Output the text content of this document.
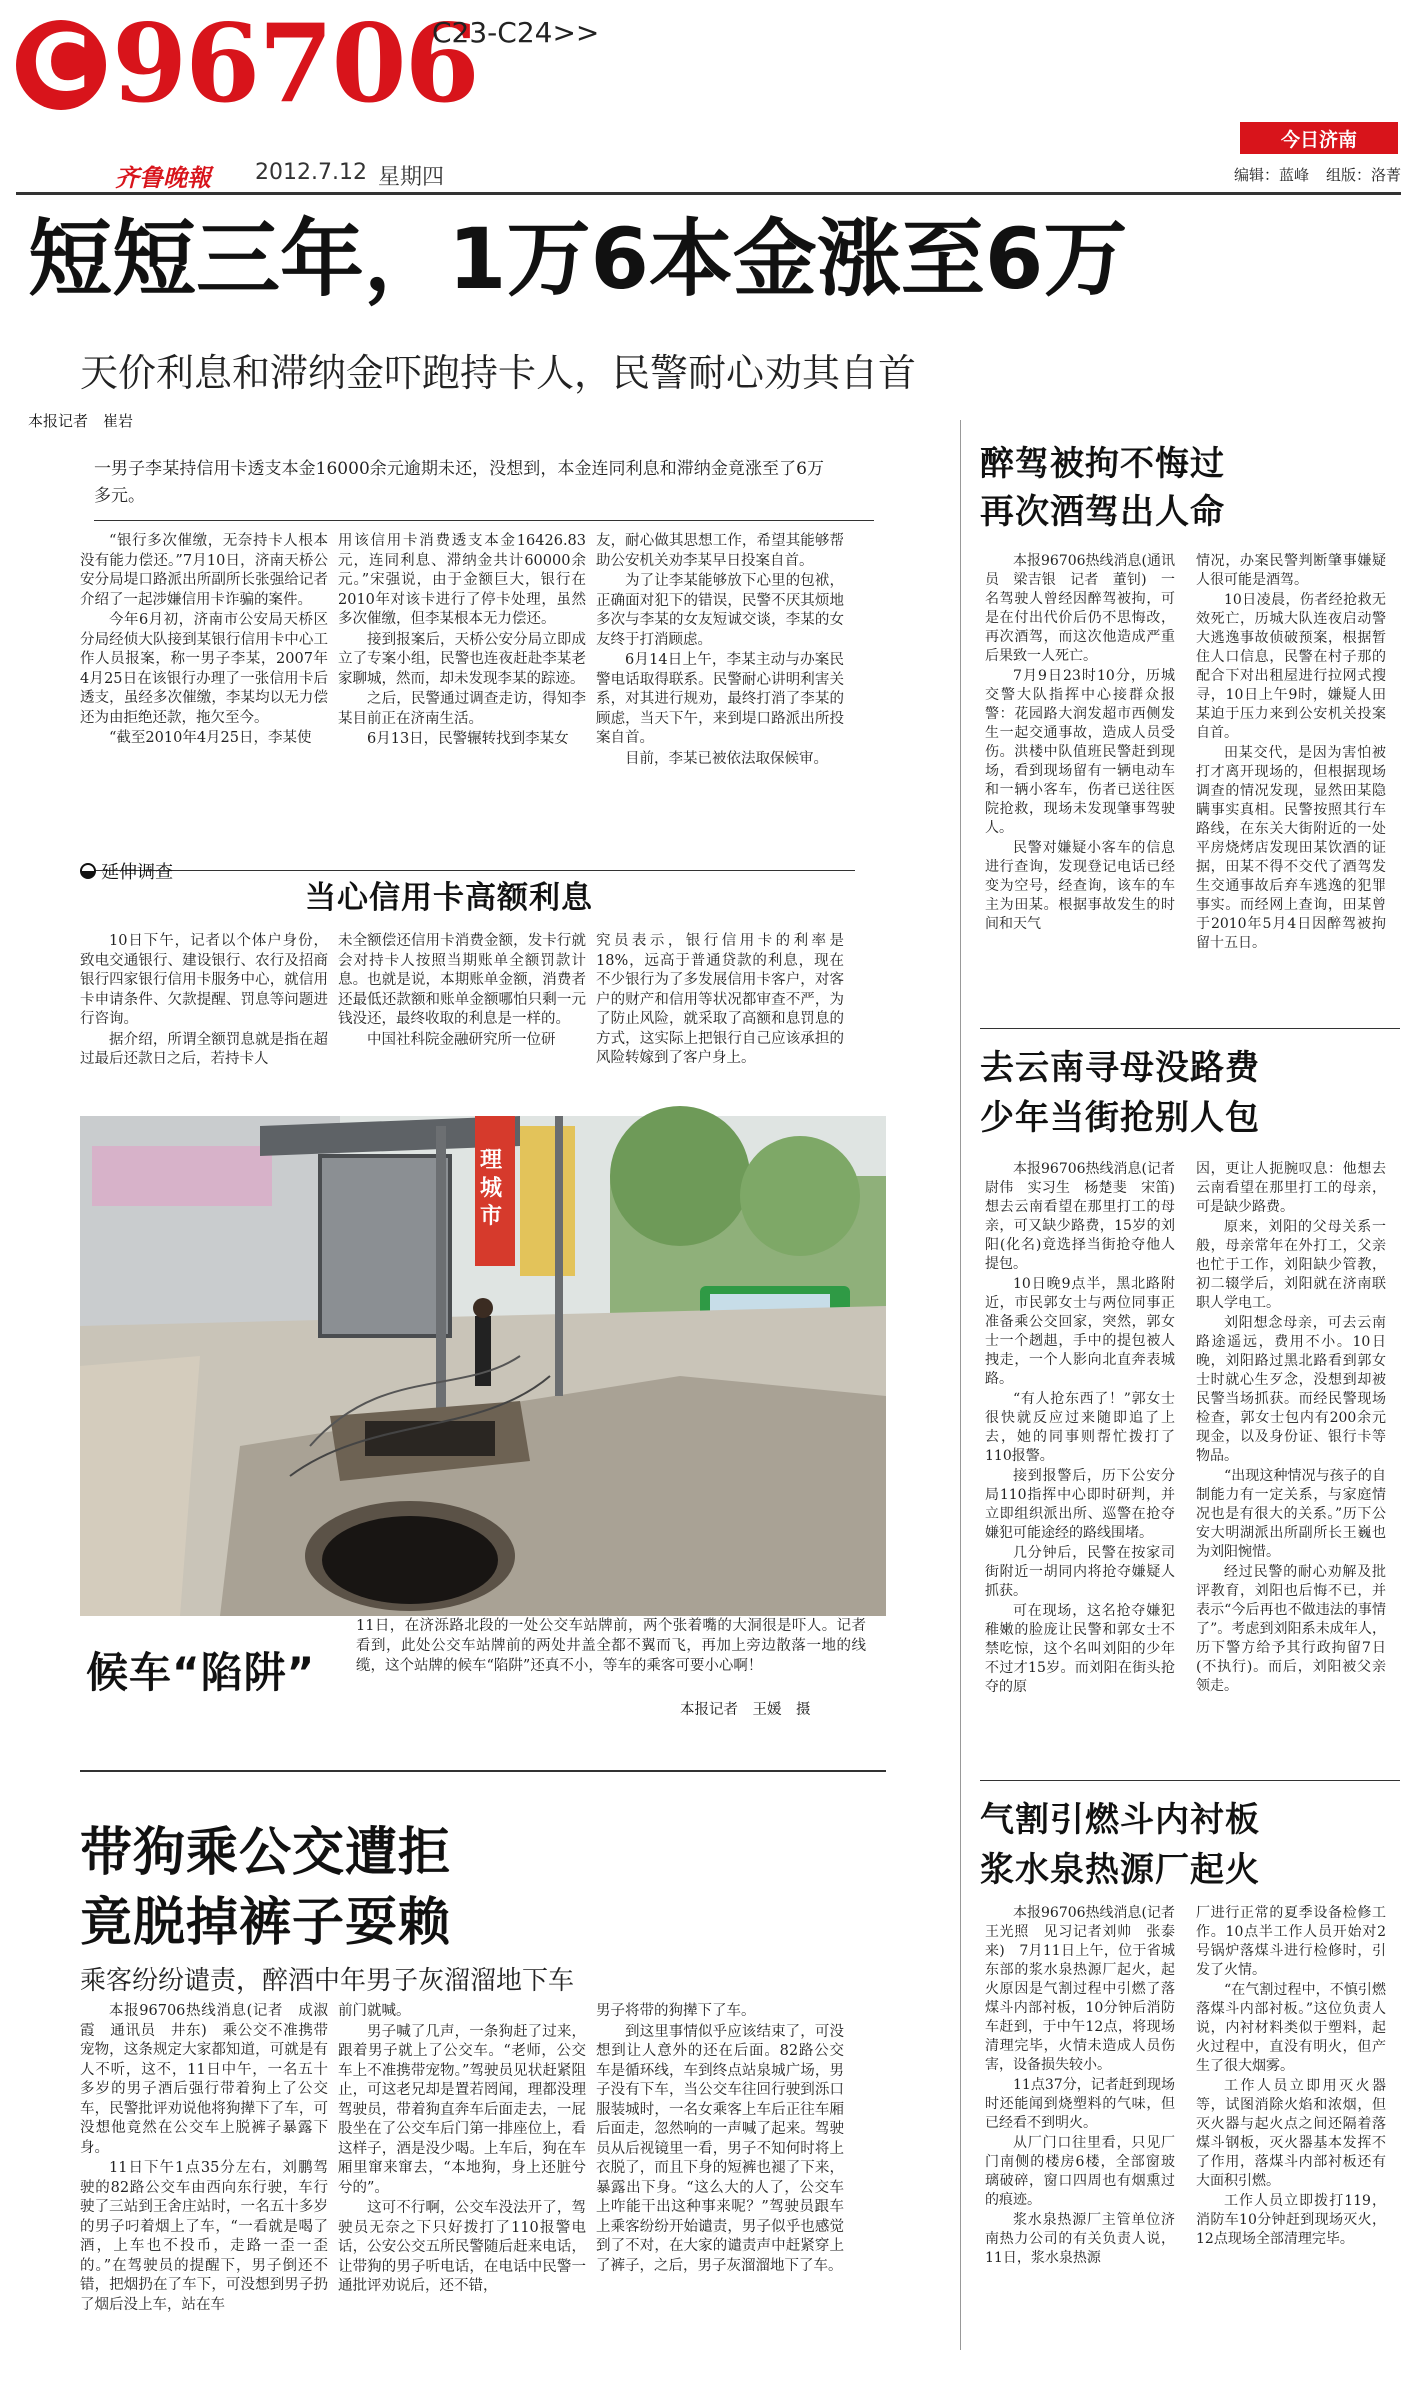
C 96706
C23-C24>>
齐鲁晚報 2012.7.12 星期四
今日济南
编辑：蓝峰 组版：洛菁
短短三年，1万6本金涨至6万
天价利息和滞纳金吓跑持卡人，民警耐心劝其自首
本报记者　崔岩
一男子李某持信用卡透支本金16000余元逾期未还，没想到，本金连同利息和滞纳金竟涨至了6万多元。

“银行多次催缴，无奈持卡人根本没有能力偿还。”7月10日，济南天桥公安分局堤口路派出所副所长张强给记者介绍了一起涉嫌信用卡诈骗的案件。

今年6月初，济南市公安局天桥区分局经侦大队接到某银行信用卡中心工作人员报案，称一男子李某，2007年4月25日在该银行办理了一张信用卡后透支，虽经多次催缴，李某均以无力偿还为由拒绝还款，拖欠至今。

“截至2010年4月25日，李某使

用该信用卡消费透支本金16426.83元，连同利息、滞纳金共计60000余元。”宋强说，由于金额巨大，银行在2010年对该卡进行了停卡处理，虽然多次催缴，但李某根本无力偿还。

接到报案后，天桥公安分局立即成立了专案小组，民警也连夜赶赴李某老家聊城，然而，却未发现李某的踪迹。

之后，民警通过调查走访，得知李某目前正在济南生活。

6月13日，民警辗转找到李某女

友，耐心做其思想工作，希望其能够帮助公安机关劝李某早日投案自首。

为了让李某能够放下心里的包袱，正确面对犯下的错误，民警不厌其烦地多次与李某的女友短诚交谈，李某的女友终于打消顾虑。

6月14日上午，李某主动与办案民警电话取得联系。民警耐心讲明利害关系，对其进行规劝，最终打消了李某的顾虑，当天下午，来到堤口路派出所投案自首。

目前，李某已被依法取保候审。

延伸调查
当心信用卡高额利息

10日下午，记者以个体户身份，致电交通银行、建设银行、农行及招商银行四家银行信用卡服务中心，就信用卡申请条件、欠款提醒、罚息等问题进行咨询。

据介绍，所谓全额罚息就是指在超过最后还款日之后，若持卡人

未全额偿还信用卡消费金额，发卡行就会对持卡人按照当期账单全额罚款计息。也就是说，本期账单金额，消费者还最低还款额和账单金额哪怕只剩一元钱没还，最终收取的利息是一样的。

中国社科院金融研究所一位研

究员表示，银行信用卡的利率是18%，远高于普通贷款的利息，现在不少银行为了多发展信用卡客户，对客户的财产和信用等状况都审查不严，为了防止风险，就采取了高额和息罚息的方式，这实际上把银行自己应该承担的风险转嫁到了客户身上。

理城市
候车“陷阱”
11日，在济泺路北段的一处公交车站牌前，两个张着嘴的大洞很是吓人。记者看到，此处公交车站牌前的两处井盖全都不翼而飞，再加上旁边散落一地的线缆，这个站牌的候车“陷阱”还真不小，等车的乘客可要小心啊！
本报记者　王媛　摄
带狗乘公交遭拒
竟脱掉裤子耍赖
乘客纷纷谴责，醉酒中年男子灰溜溜地下车

本报96706热线消息(记者　成淑霞　通讯员　井东)　乘公交不准携带宠物，这条规定大家都知道，可就是有人不听，这不，11日中午，一名五十多岁的男子酒后强行带着狗上了公交车，民警批评劝说他将狗撵下了车，可没想他竟然在公交车上脱裤子暴露下身。

11日下午1点35分左右，刘鹏驾驶的82路公交车由西向东行驶，车行驶了三站到王舍庄站时，一名五十多岁的男子叼着烟上了车，“一看就是喝了酒，上车也不投币，走路一歪一歪的。”在驾驶员的提醒下，男子倒还不错，把烟扔在了车下，可没想到男子扔了烟后没上车，站在车

前门就喊。

男子喊了几声，一条狗赶了过来，跟着男子就上了公交车。“老师，公交车上不准携带宠物。”驾驶员见状赶紧阻止，可这老兄却是置若罔闻，理都没理驾驶员，带着狗直奔车后面走去，一屁股坐在了公交车后门第一排座位上，看这样子，酒是没少喝。上车后，狗在车厢里窜来窜去，“本地狗，身上还脏兮兮的”。

这可不行啊，公交车没法开了，驾驶员无奈之下只好拨打了110报警电话，公安公交五所民警随后赶来电话，让带狗的男子听电话，在电话中民警一通批评劝说后，还不错，

男子将带的狗撵下了车。

到这里事情似乎应该结束了，可没想到让人意外的还在后面。82路公交车是循环线，车到终点站泉城广场，男子没有下车，当公交车往回行驶到泺口服装城时，一名女乘客上车后正往车厢后面走，忽然响的一声喊了起来。驾驶员从后视镜里一看，男子不知何时将上衣脱了，而且下身的短裤也褪了下来，暴露出下身。“这么大的人了，公交车上咋能干出这种事来呢？”驾驶员跟车上乘客纷纷开始谴责，男子似乎也感觉到了不对，在大家的谴责声中赶紧穿上了裤子，之后，男子灰溜溜地下了车。

醉驾被拘不悔过
再次酒驾出人命

本报96706热线消息(通讯员　梁吉银　记者　董钊)　一名驾驶人曾经因醉驾被拘，可是在付出代价后仍不思悔改，再次酒驾，而这次他造成严重后果致一人死亡。

7月9日23时10分，历城交警大队指挥中心接群众报警：花园路大润发超市西侧发生一起交通事故，造成人员受伤。洪楼中队值班民警赶到现场，看到现场留有一辆电动车和一辆小客车，伤者已送往医院抢救，现场未发现肇事驾驶人。

民警对嫌疑小客车的信息进行查询，发现登记电话已经变为空号，经查询，该车的车主为田某。根据事故发生的时间和天气

情况，办案民警判断肇事嫌疑人很可能是酒驾。

10日凌晨，伤者经抢救无效死亡，历城大队连夜启动警大逃逸事故侦破预案，根据暂住人口信息，民警在村子那的配合下对出租屋进行拉网式搜寻，10日上午9时，嫌疑人田某迫于压力来到公安机关投案自首。

田某交代，是因为害怕被打才离开现场的，但根据现场调查的情况发现，显然田某隐瞒事实真相。民警按照其行车路线，在东关大街附近的一处平房烧烤店发现田某饮酒的证据，田某不得不交代了酒驾发生交通事故后弃车逃逸的犯罪事实。而经网上查询，田某曾于2010年5月4日因醉驾被拘留十五日。

去云南寻母没路费
少年当街抢别人包

本报96706热线消息(记者　尉伟　实习生　杨楚斐　宋笛)　想去云南看望在那里打工的母亲，可又缺少路费，15岁的刘阳(化名)竟选择当街抢夺他人提包。

10日晚9点半，黑北路附近，市民郭女士与两位同事正准备乘公交回家，突然，郭女士一个趔趄，手中的提包被人拽走，一个人影向北直奔表城路。

“有人抢东西了！”郭女士很快就反应过来随即追了上去，她的同事则帮忙拨打了110报警。

接到报警后，历下公安分局110指挥中心即时研判，并立即组织派出所、巡警在抢夺嫌犯可能途经的路线围堵。

几分钟后，民警在按家司街附近一胡同内将抢夺嫌疑人抓获。

可在现场，这名抢夺嫌犯稚嫩的脸庞让民警和郭女士不禁吃惊，这个名叫刘阳的少年不过才15岁。而刘阳在街头抢夺的原

因，更让人扼腕叹息：他想去云南看望在那里打工的母亲，可是缺少路费。

原来，刘阳的父母关系一般，母亲常年在外打工，父亲也忙于工作，刘阳缺少管教，初二辍学后，刘阳就在济南联职人学电工。

刘阳想念母亲，可去云南路途遥远，费用不小。10日晚，刘阳路过黑北路看到郭女士时就心生歹念，没想到却被民警当场抓获。而经民警现场检查，郭女士包内有200余元现金，以及身份证、银行卡等物品。

“出现这种情况与孩子的自制能力有一定关系，与家庭情况也是有很大的关系。”历下公安大明湖派出所副所长王巍也为刘阳惋惜。

经过民警的耐心劝解及批评教育，刘阳也后悔不已，并表示“今后再也不做违法的事情了”。考虑到刘阳系未成年人，历下警方给予其行政拘留7日(不执行)。而后，刘阳被父亲领走。

气割引燃斗内衬板
浆水泉热源厂起火

本报96706热线消息(记者　王光照　见习记者刘帅　张泰来)　7月11日上午，位于省城东部的浆水泉热源厂起火，起火原因是气割过程中引燃了落煤斗内部衬板，10分钟后消防车赶到，于中午12点，将现场清理完毕，火情未造成人员伤害，设备损失较小。

11点37分，记者赶到现场时还能闻到烧塑料的气味，但已经看不到明火。

从厂门口往里看，只见厂门南侧的楼房6楼，全部窗玻璃破碎，窗口四周也有烟熏过的痕迹。

浆水泉热源厂主管单位济南热力公司的有关负责人说，11日，浆水泉热源

厂进行正常的夏季设备检修工作。10点半工作人员开始对2号锅炉落煤斗进行检修时，引发了火情。

“在气割过程中，不慎引燃落煤斗内部衬板。”这位负责人说，内衬材料类似于塑料，起火过程中，直没有明火，但产生了很大烟雾。

工作人员立即用灭火器等，试图消除火焰和浓烟，但灭火器与起火点之间还隔着落煤斗钢板，灭火器基本发挥不了作用，落煤斗内部衬板还有大面积引燃。

工作人员立即拨打119，消防车10分钟赶到现场灭火，12点现场全部清理完毕。
